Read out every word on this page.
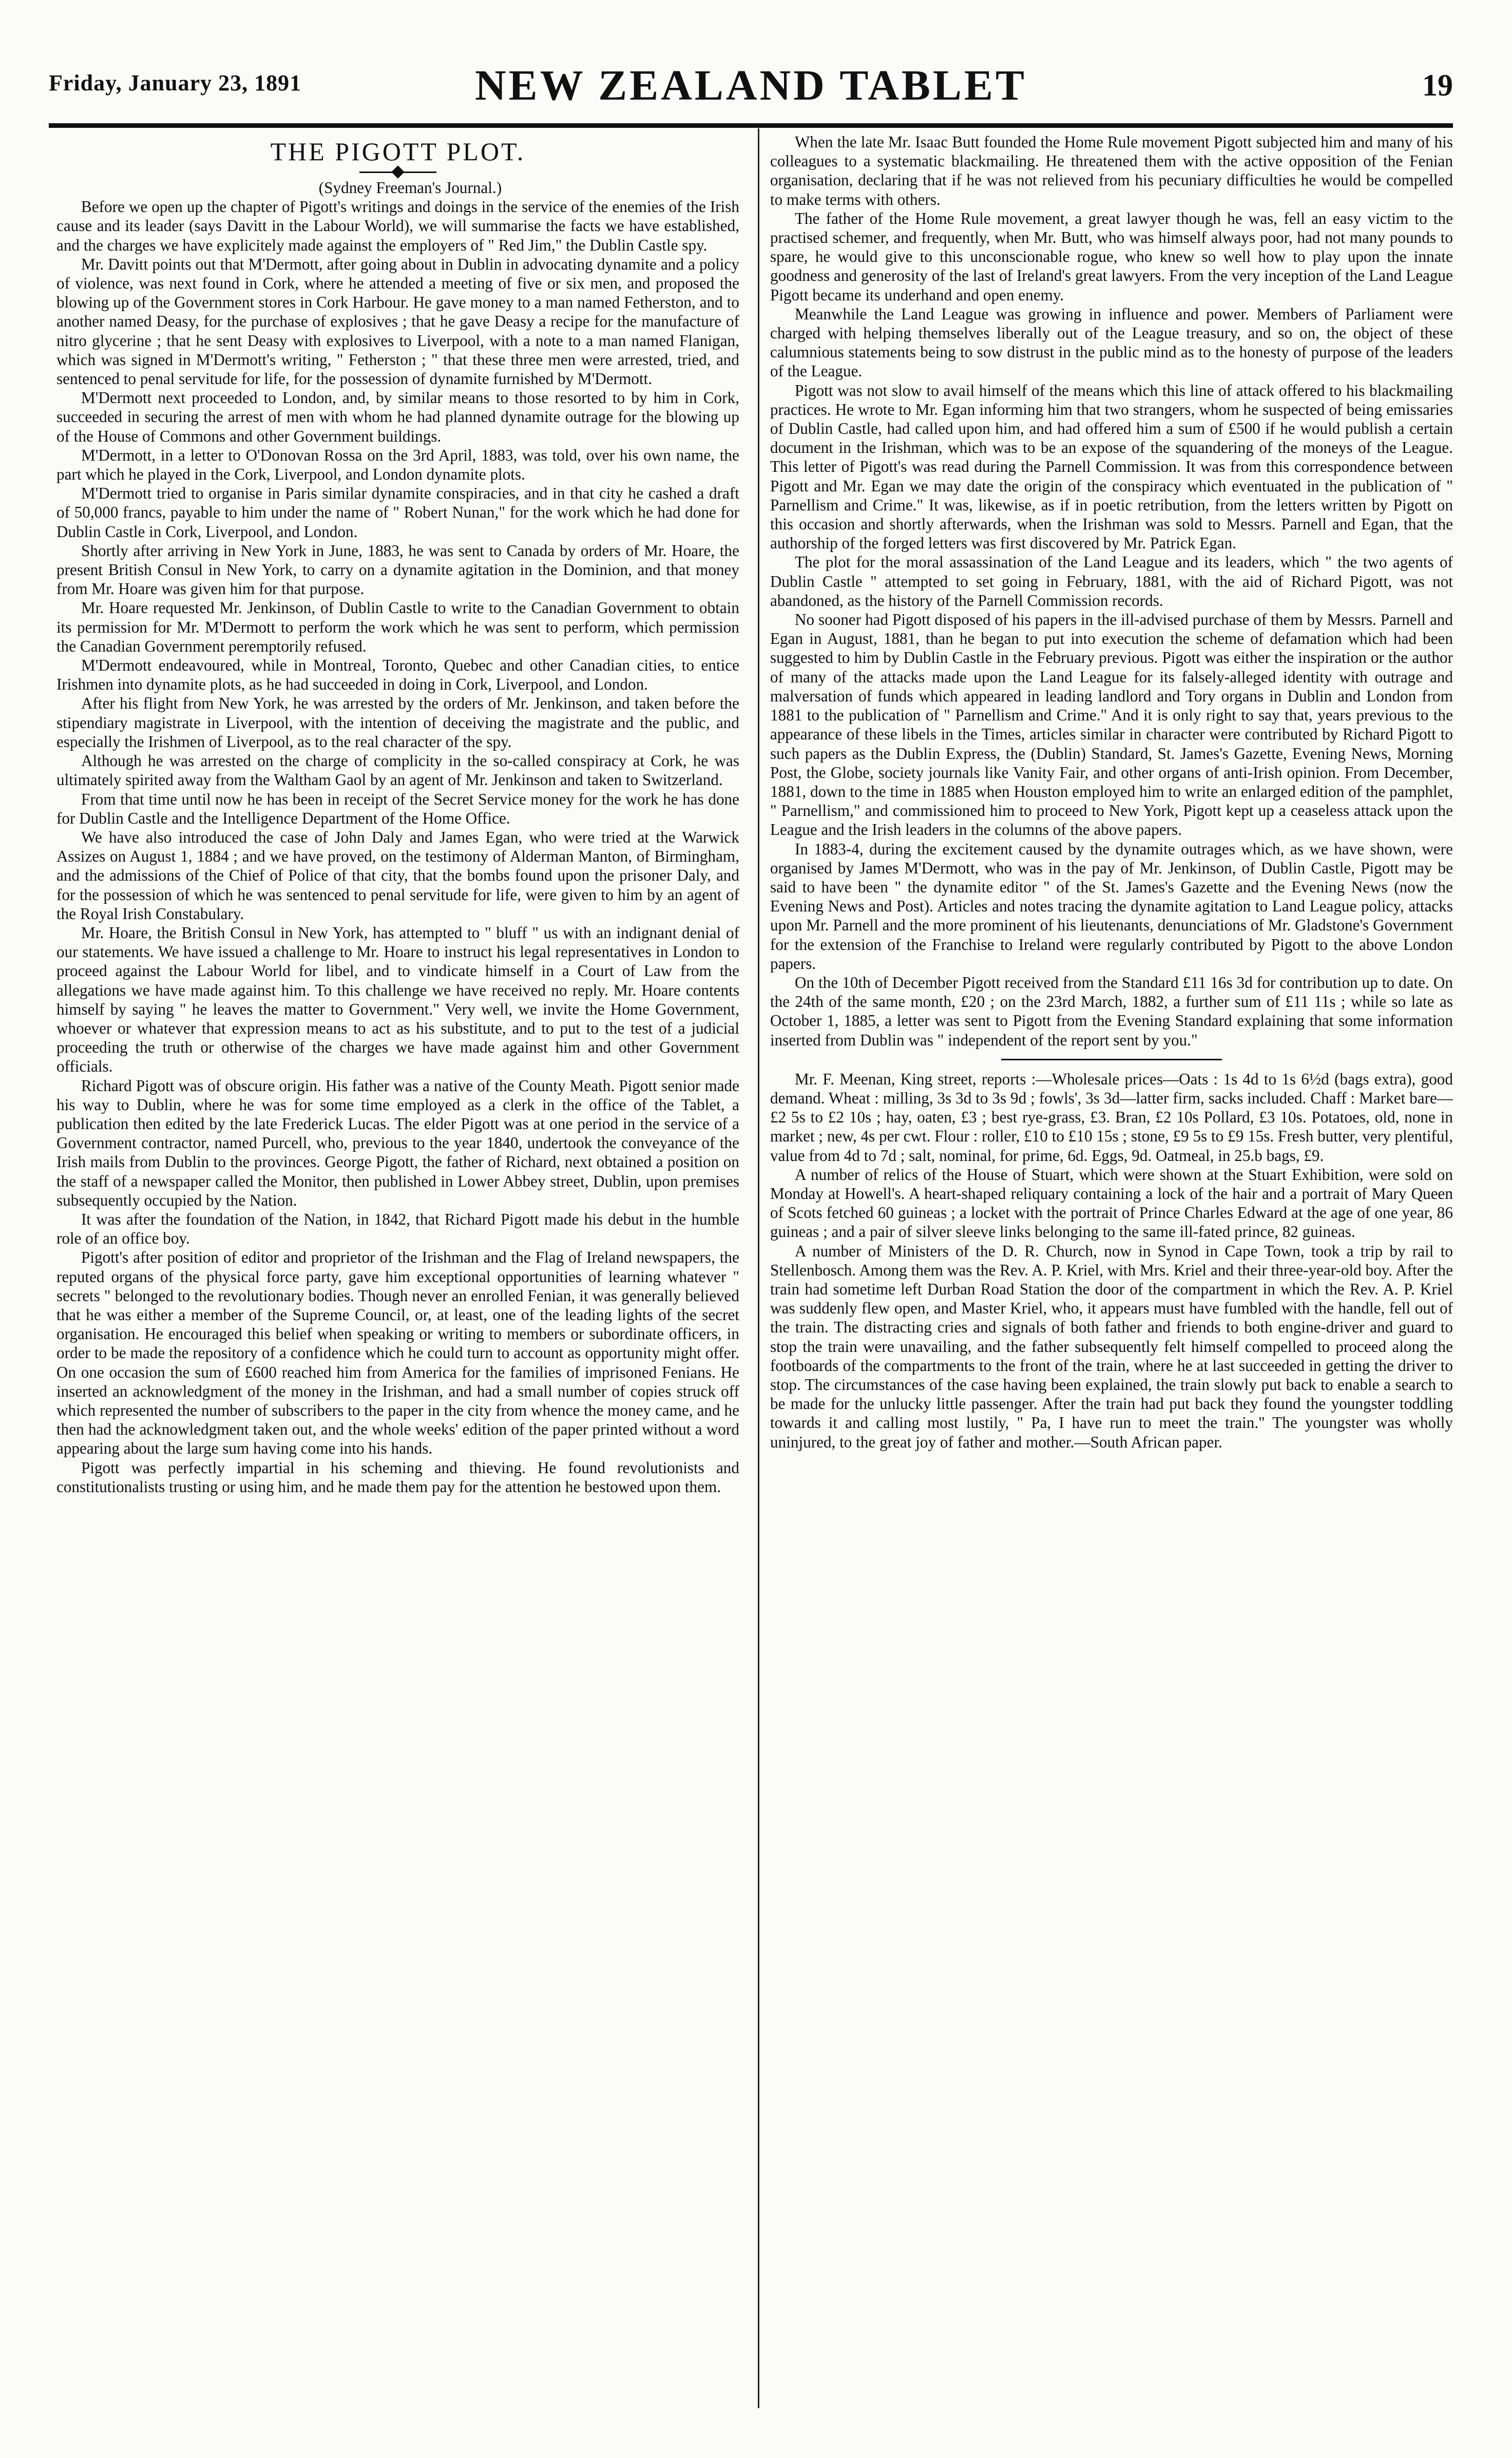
Friday, January 23, 1891	NEW ZEALAND TABLET	19
THE PIGOTT PLOT.

(Sydney Freeman's Journal.)

Before we open up the chapter of Pigott's writings and doings in the service of the enemies of the Irish cause and its leader (says Davitt in the Labour World), we will summarise the facts we have established, and the charges we have explicitely made against the employers of " Red Jim," the Dublin Castle spy.

Mr. Davitt points out that M'Dermott, after going about in Dublin in advocating dynamite and a policy of violence, was next found in Cork, where he attended a meeting of five or six men, and proposed the blowing up of the Government stores in Cork Harbour. He gave money to a man named Fetherston, and to another named Deasy, for the purchase of explosives ; that he gave Deasy a recipe for the manufacture of nitro glycerine ; that he sent Deasy with explosives to Liverpool, with a note to a man named Flanigan, which was signed in M'Dermott's writing, " Fetherston ; " that these three men were arrested, tried, and sentenced to penal servitude for life, for the possession of dynamite furnished by M'Dermott.

M'Dermott next proceeded to London, and, by similar means to those resorted to by him in Cork, succeeded in securing the arrest of men with whom he had planned dynamite outrage for the blowing up of the House of Commons and other Government buildings.

M'Dermott, in a letter to O'Donovan Rossa on the 3rd April, 1883, was told, over his own name, the part which he played in the Cork, Liverpool, and London dynamite plots.

M'Dermott tried to organise in Paris similar dynamite conspiracies, and in that city he cashed a draft of 50,000 francs, payable to him under the name of " Robert Nunan," for the work which he had done for Dublin Castle in Cork, Liverpool, and London.

Shortly after arriving in New York in June, 1883, he was sent to Canada by orders of Mr. Hoare, the present British Consul in New York, to carry on a dynamite agitation in the Dominion, and that money from Mr. Hoare was given him for that purpose.

Mr. Hoare requested Mr. Jenkinson, of Dublin Castle to write to the Canadian Government to obtain its permission for Mr. M'Dermott to perform the work which he was sent to perform, which permission the Canadian Government peremptorily refused.

M'Dermott endeavoured, while in Montreal, Toronto, Quebec and other Canadian cities, to entice Irishmen into dynamite plots, as he had succeeded in doing in Cork, Liverpool, and London.

After his flight from New York, he was arrested by the orders of Mr. Jenkinson, and taken before the stipendiary magistrate in Liverpool, with the intention of deceiving the magistrate and the public, and especially the Irishmen of Liverpool, as to the real character of the spy.

Although he was arrested on the charge of complicity in the so-called conspiracy at Cork, he was ultimately spirited away from the Waltham Gaol by an agent of Mr. Jenkinson and taken to Switzerland.

From that time until now he has been in receipt of the Secret Service money for the work he has done for Dublin Castle and the Intelligence Department of the Home Office.

We have also introduced the case of John Daly and James Egan, who were tried at the Warwick Assizes on August 1, 1884 ; and we have proved, on the testimony of Alderman Manton, of Birmingham, and the admissions of the Chief of Police of that city, that the bombs found upon the prisoner Daly, and for the possession of which he was sentenced to penal servitude for life, were given to him by an agent of the Royal Irish Constabulary.

Mr. Hoare, the British Consul in New York, has attempted to " bluff " us with an indignant denial of our statements. We have issued a challenge to Mr. Hoare to instruct his legal representatives in London to proceed against the Labour World for libel, and to vindicate himself in a Court of Law from the allegations we have made against him. To this challenge we have received no reply. Mr. Hoare contents himself by saying " he leaves the matter to Government." Very well, we invite the Home Government, whoever or whatever that expression means to act as his substitute, and to put to the test of a judicial proceeding the truth or otherwise of the charges we have made against him and other Government officials.

Richard Pigott was of obscure origin. His father was a native of the County Meath. Pigott senior made his way to Dublin, where he was for some time employed as a clerk in the office of the Tablet, a publication then edited by the late Frederick Lucas. The elder Pigott was at one period in the service of a Government contractor, named Purcell, who, previous to the year 1840, undertook the conveyance of the Irish mails from Dublin to the provinces. George Pigott, the father of Richard, next obtained a position on the staff of a newspaper called the Monitor, then published in Lower Abbey street, Dublin, upon premises subsequently occupied by the Nation.

It was after the foundation of the Nation, in 1842, that Richard Pigott made his debut in the humble role of an office boy.

Pigott's after position of editor and proprietor of the Irishman and the Flag of Ireland newspapers, the reputed organs of the physical force party, gave him exceptional opportunities of learning whatever " secrets " belonged to the revolutionary bodies. Though never an enrolled Fenian, it was generally believed that he was either a member of the Supreme Council, or, at least, one of the leading lights of the secret organisation. He encouraged this belief when speaking or writing to members or subordinate officers, in order to be made the repository of a confidence which he could turn to account as opportunity might offer. On one occasion the sum of £600 reached him from America for the families of imprisoned Fenians. He inserted an acknowledgment of the money in the Irishman, and had a small number of copies struck off which represented the number of subscribers to the paper in the city from whence the money came, and he then had the acknowledgment taken out, and the whole weeks' edition of the paper printed without a word appearing about the large sum having come into his hands.

Pigott was perfectly impartial in his scheming and thieving. He found revolutionists and constitutionalists trusting or using him, and he made them pay for the attention he bestowed upon them.

When the late Mr. Isaac Butt founded the Home Rule movement Pigott subjected him and many of his colleagues to a systematic blackmailing. He threatened them with the active opposition of the Fenian organisation, declaring that if he was not relieved from his pecuniary difficulties he would be compelled to make terms with others.

The father of the Home Rule movement, a great lawyer though he was, fell an easy victim to the practised schemer, and frequently, when Mr. Butt, who was himself always poor, had not many pounds to spare, he would give to this unconscionable rogue, who knew so well how to play upon the innate goodness and generosity of the last of Ireland's great lawyers. From the very inception of the Land League Pigott became its underhand and open enemy.

Meanwhile the Land League was growing in influence and power. Members of Parliament were charged with helping themselves liberally out of the League treasury, and so on, the object of these calumnious statements being to sow distrust in the public mind as to the honesty of purpose of the leaders of the League.

Pigott was not slow to avail himself of the means which this line of attack offered to his blackmailing practices. He wrote to Mr. Egan informing him that two strangers, whom he suspected of being emissaries of Dublin Castle, had called upon him, and had offered him a sum of £500 if he would publish a certain document in the Irishman, which was to be an expose of the squandering of the moneys of the League. This letter of Pigott's was read during the Parnell Commission. It was from this correspondence between Pigott and Mr. Egan we may date the origin of the conspiracy which eventuated in the publication of " Parnellism and Crime." It was, likewise, as if in poetic retribution, from the letters written by Pigott on this occasion and shortly afterwards, when the Irishman was sold to Messrs. Parnell and Egan, that the authorship of the forged letters was first discovered by Mr. Patrick Egan.

The plot for the moral assassination of the Land League and its leaders, which " the two agents of Dublin Castle " attempted to set going in February, 1881, with the aid of Richard Pigott, was not abandoned, as the history of the Parnell Commission records.

No sooner had Pigott disposed of his papers in the ill-advised purchase of them by Messrs. Parnell and Egan in August, 1881, than he began to put into execution the scheme of defamation which had been suggested to him by Dublin Castle in the February previous. Pigott was either the inspiration or the author of many of the attacks made upon the Land League for its falsely-alleged identity with outrage and malversation of funds which appeared in leading landlord and Tory organs in Dublin and London from 1881 to the publication of " Parnellism and Crime." And it is only right to say that, years previous to the appearance of these libels in the Times, articles similar in character were contributed by Richard Pigott to such papers as the Dublin Express, the (Dublin) Standard, St. James's Gazette, Evening News, Morning Post, the Globe, society journals like Vanity Fair, and other organs of anti-Irish opinion. From December, 1881, down to the time in 1885 when Houston employed him to write an enlarged edition of the pamphlet, " Parnellism," and commissioned him to proceed to New York, Pigott kept up a ceaseless attack upon the League and the Irish leaders in the columns of the above papers.

In 1883-4, during the excitement caused by the dynamite outrages which, as we have shown, were organised by James M'Dermott, who was in the pay of Mr. Jenkinson, of Dublin Castle, Pigott may be said to have been " the dynamite editor " of the St. James's Gazette and the Evening News (now the Evening News and Post). Articles and notes tracing the dynamite agitation to Land League policy, attacks upon Mr. Parnell and the more prominent of his lieutenants, denunciations of Mr. Gladstone's Government for the extension of the Franchise to Ireland were regularly contributed by Pigott to the above London papers.

On the 10th of December Pigott received from the Standard £11 16s 3d for contribution up to date. On the 24th of the same month, £20 ; on the 23rd March, 1882, a further sum of £11 11s ; while so late as October 1, 1885, a letter was sent to Pigott from the Evening Standard explaining that some information inserted from Dublin was " independent of the report sent by you."

Mr. F. Meenan, King street, reports :—Wholesale prices—Oats : 1s 4d to 1s 6½d (bags extra), good demand. Wheat : milling, 3s 3d to 3s 9d ; fowls', 3s 3d—latter firm, sacks included. Chaff : Market bare—£2 5s to £2 10s ; hay, oaten, £3 ; best rye-grass, £3. Bran, £2 10s Pollard, £3 10s. Potatoes, old, none in market ; new, 4s per cwt. Flour : roller, £10 to £10 15s ; stone, £9 5s to £9 15s. Fresh butter, very plentiful, value from 4d to 7d ; salt, nominal, for prime, 6d. Eggs, 9d. Oatmeal, in 25.b bags, £9.

A number of relics of the House of Stuart, which were shown at the Stuart Exhibition, were sold on Monday at Howell's. A heart-shaped reliquary containing a lock of the hair and a portrait of Mary Queen of Scots fetched 60 guineas ; a locket with the portrait of Prince Charles Edward at the age of one year, 86 guineas ; and a pair of silver sleeve links belonging to the same ill-fated prince, 82 guineas.

A number of Ministers of the D. R. Church, now in Synod in Cape Town, took a trip by rail to Stellenbosch. Among them was the Rev. A. P. Kriel, with Mrs. Kriel and their three-year-old boy. After the train had sometime left Durban Road Station the door of the compartment in which the Rev. A. P. Kriel was suddenly flew open, and Master Kriel, who, it appears must have fumbled with the handle, fell out of the train. The distracting cries and signals of both father and friends to both engine-driver and guard to stop the train were unavailing, and the father subsequently felt himself compelled to proceed along the footboards of the compartments to the front of the train, where he at last succeeded in getting the driver to stop. The circumstances of the case having been explained, the train slowly put back to enable a search to be made for the unlucky little passenger. After the train had put back they found the youngster toddling towards it and calling most lustily, " Pa, I have run to meet the train." The youngster was wholly uninjured, to the great joy of father and mother.—South African paper.
